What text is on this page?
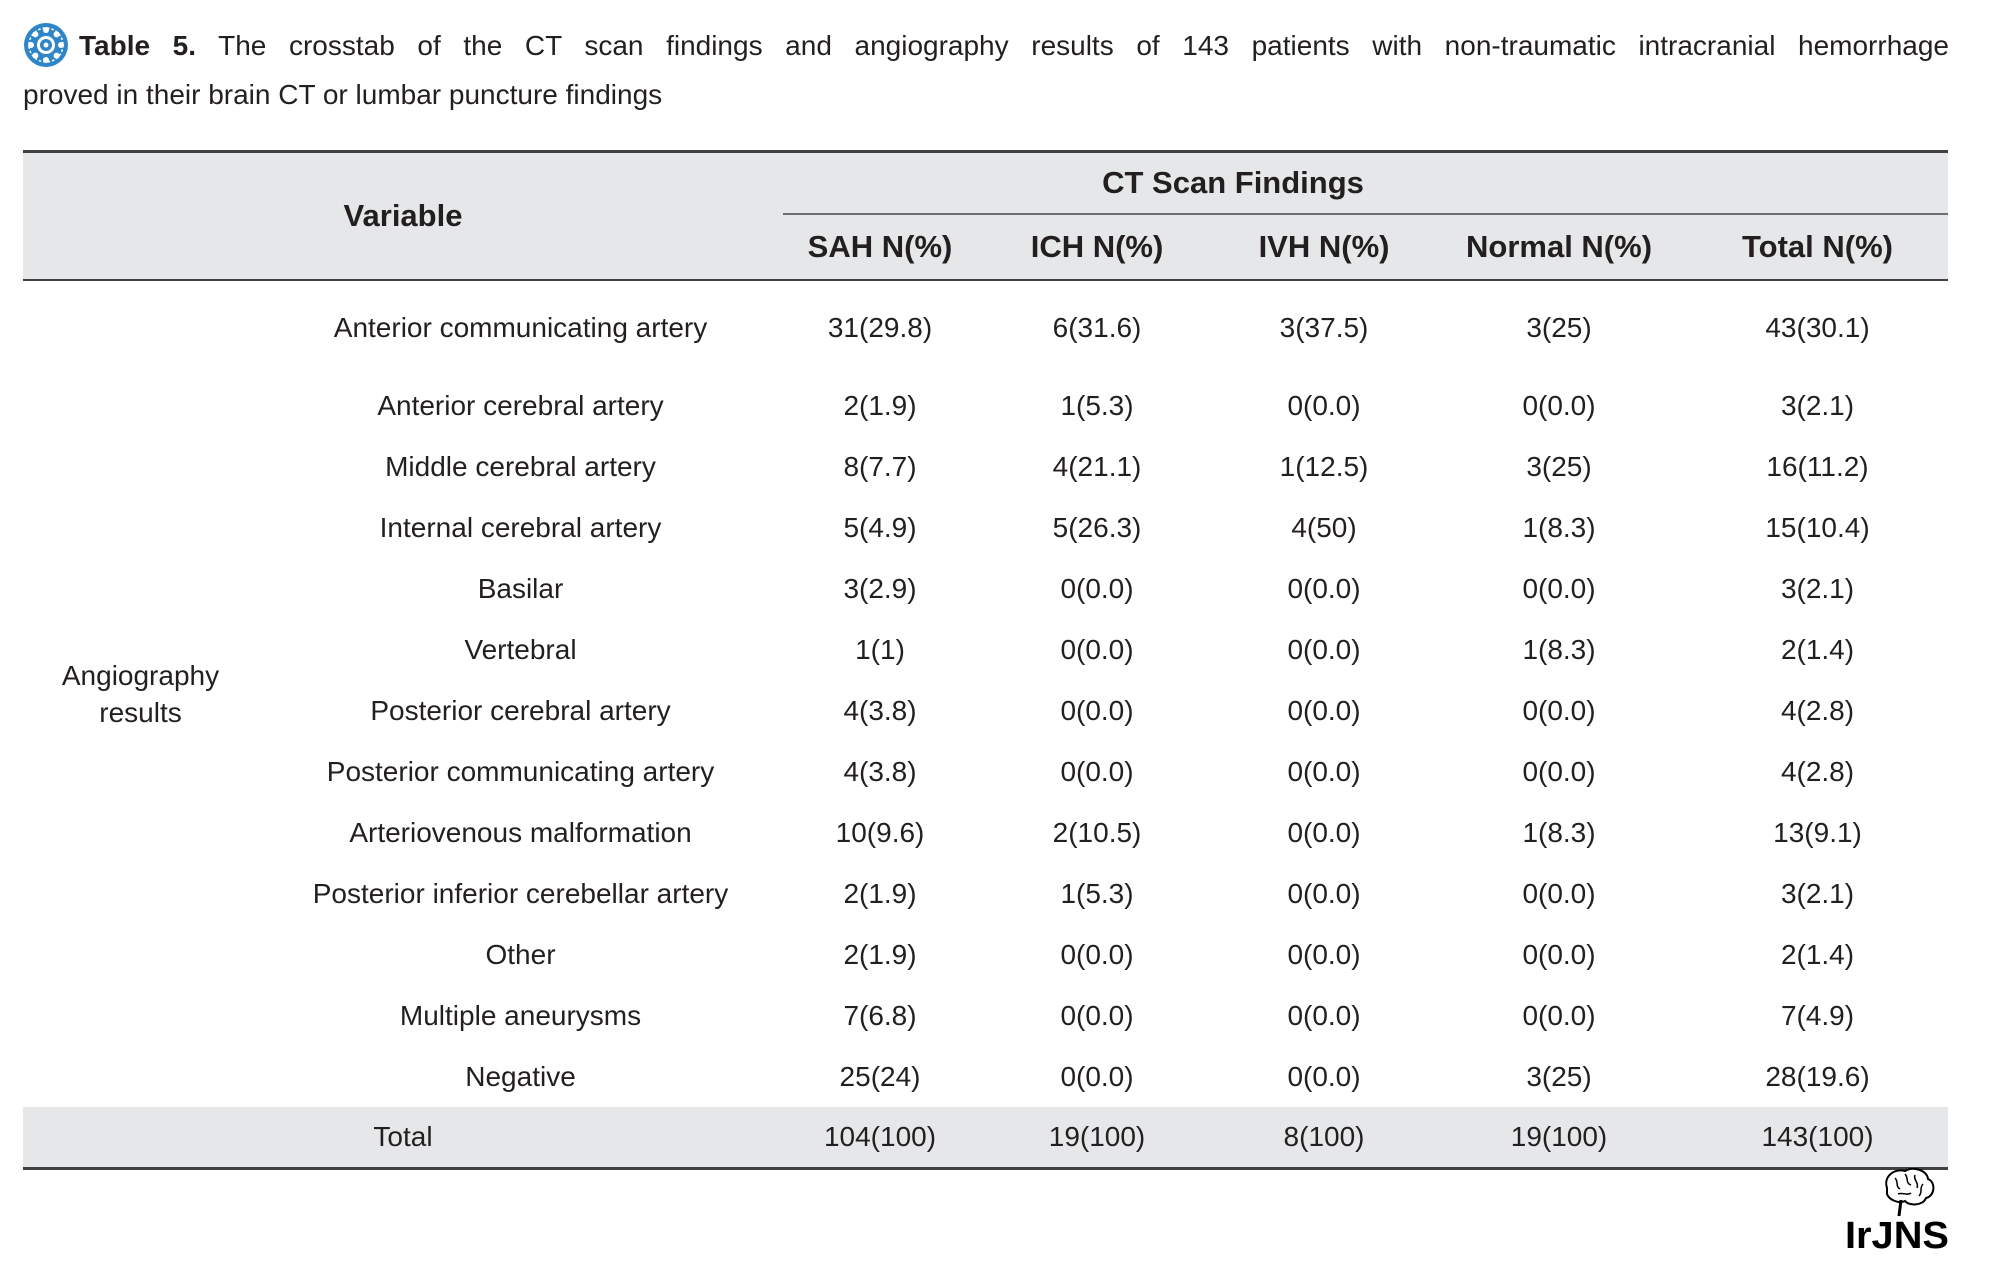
Table 5. The crosstab of the CT scan findings and angiography results of 143 patients with non-traumatic intracranial hemorrhage
proved in their brain CT or lumbar puncture findings
Variable		CT Scan Findings				
		SAH N(%)	ICH N(%)	IVH N(%)	Normal N(%)	Total N(%)
Angiography results	Anterior communicating artery	31(29.8)	6(31.6)	3(37.5)	3(25)	43(30.1)
	Anterior cerebral artery	2(1.9)	1(5.3)	0(0.0)	0(0.0)	3(2.1)
	Middle cerebral artery	8(7.7)	4(21.1)	1(12.5)	3(25)	16(11.2)
	Internal cerebral artery	5(4.9)	5(26.3)	4(50)	1(8.3)	15(10.4)
	Basilar	3(2.9)	0(0.0)	0(0.0)	0(0.0)	3(2.1)
	Vertebral	1(1)	0(0.0)	0(0.0)	1(8.3)	2(1.4)
	Posterior cerebral artery	4(3.8)	0(0.0)	0(0.0)	0(0.0)	4(2.8)
	Posterior communicating artery	4(3.8)	0(0.0)	0(0.0)	0(0.0)	4(2.8)
	Arteriovenous malformation	10(9.6)	2(10.5)	0(0.0)	1(8.3)	13(9.1)
	Posterior inferior cerebellar artery	2(1.9)	1(5.3)	0(0.0)	0(0.0)	3(2.1)
	Other	2(1.9)	0(0.0)	0(0.0)	0(0.0)	2(1.4)
	Multiple aneurysms	7(6.8)	0(0.0)	0(0.0)	0(0.0)	7(4.9)
	Negative	25(24)	0(0.0)	0(0.0)	3(25)	28(19.6)
Total		104(100)	19(100)	8(100)	19(100)	143(100)
IrJNS
